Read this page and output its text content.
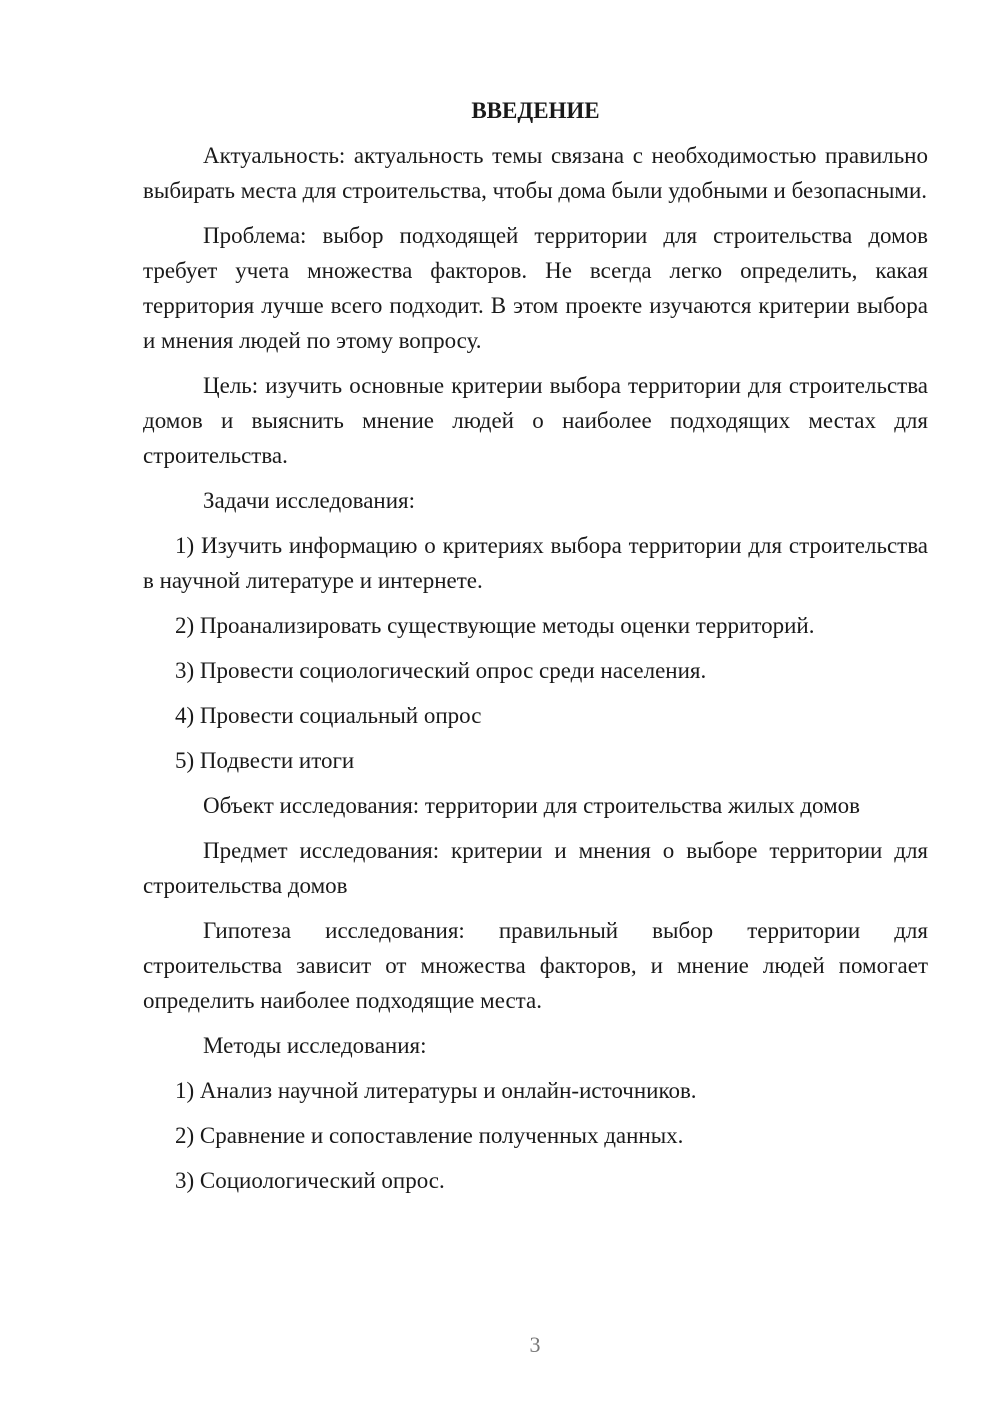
ВВЕДЕНИЕ

Актуальность: актуальность темы связана с необходимостью правильно выбирать места для строительства, чтобы дома были удобными и безопасными.

Проблема: выбор подходящей территории для строительства домов требует учета множества факторов. Не всегда легко определить, какая территория лучше всего подходит. В этом проекте изучаются критерии выбора и мнения людей по этому вопросу.

Цель: изучить основные критерии выбора территории для строительства домов и выяснить мнение людей о наиболее подходящих местах для строительства.

Задачи исследования:

1) Изучить информацию о критериях выбора территории для строительства в научной литературе и интернете.

2) Проанализировать существующие методы оценки территорий.

3) Провести социологический опрос среди населения.

4) Провести социальный опрос

5) Подвести итоги

Объект исследования: территории для строительства жилых домов

Предмет исследования: критерии и мнения о выборе территории для строительства домов

Гипотеза исследования: правильный выбор территории для строительства зависит от множества факторов, и мнение людей помогает определить наиболее подходящие места.

Методы исследования:

1) Анализ научной литературы и онлайн-источников.

2) Сравнение и сопоставление полученных данных.

3) Социологический опрос.

3
